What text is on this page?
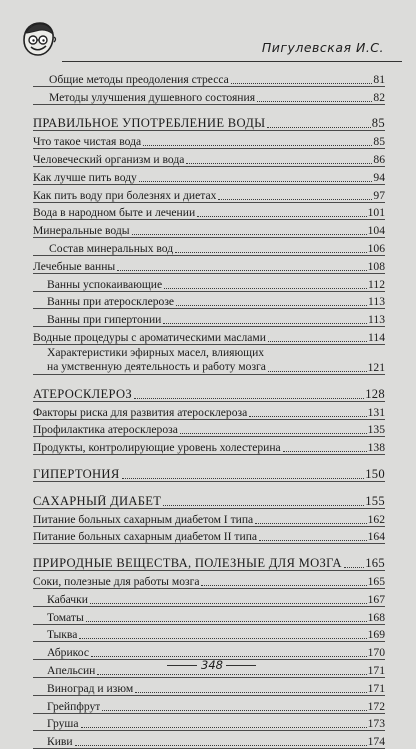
Пигулевская И.С.
Общие методы преодоления стресса	81
Методы улучшения душевного состояния	82
ПРАВИЛЬНОЕ УПОТРЕБЛЕНИЕ ВОДЫ	85
Что такое чистая вода	85
Человеческий организм и вода	86
Как лучше пить воду	94
Как пить воду при болезнях и диетах	97
Вода в народном быте и лечении	101
Минеральные воды	104
Состав минеральных вод	106
Лечебные ванны	108
Ванны успокаивающие	112
Ванны при атеросклерозе	113
Ванны при гипертонии	113
Водные процедуры с ароматическими маслами	114
Характеристики эфирных масел, влияющих
на умственную деятельность и работу мозга	121
АТЕРОСКЛЕРОЗ	128
Факторы риска для развития атеросклероза	131
Профилактика атеросклероза	135
Продукты, контролирующие уровень холестерина	138
ГИПЕРТОНИЯ	150
САХАРНЫЙ ДИАБЕТ	155
Питание больных сахарным диабетом I типа	162
Питание больных сахарным диабетом II типа	164
ПРИРОДНЫЕ ВЕЩЕСТВА, ПОЛЕЗНЫЕ ДЛЯ МОЗГА 165
Соки, полезные для работы мозга	165
Кабачки	167
Томаты	168
Тыква	169
Абрикос	170
Апельсин	171
Виноград и изюм	171
Грейпфрут	172
Груша	173
Киви	174
348
